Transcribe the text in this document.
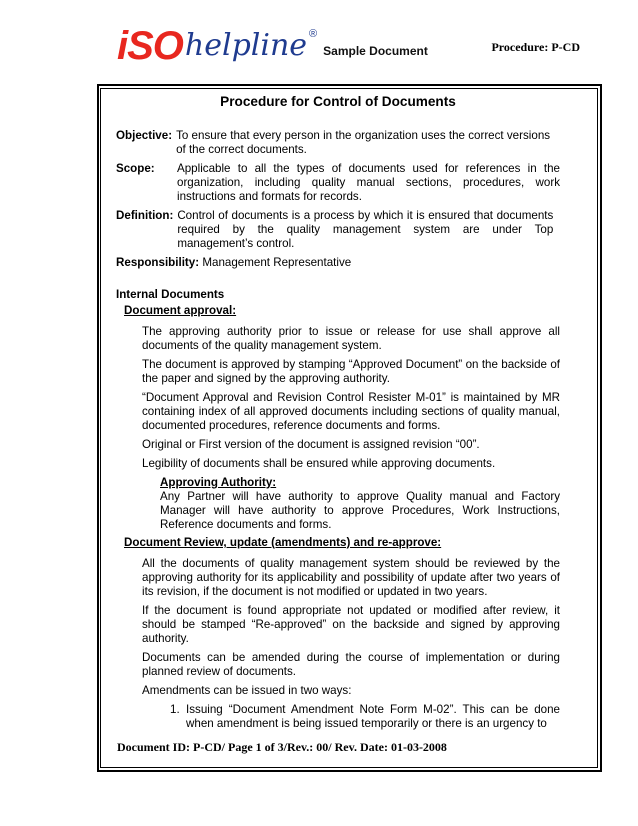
iSO helpline ®
Sample Document	Procedure: P-CD
Procedure for Control of Documents
Objective: To ensure that every person in the organization uses the correct versions of the correct documents.
Scope:	Applicable to all the types of documents used for references in the organization, including quality manual sections, procedures, work instructions and formats for records.
Definition: Control of documents is a process by which it is ensured that documents required by the quality management system are under Top management’s control.
Responsibility: Management Representative
Internal Documents
Document approval:
The approving authority prior to issue or release for use shall approve all documents of the quality management system.
The document is approved by stamping “Approved Document” on the backside of the paper and signed by the approving authority.
“Document Approval and Revision Control Resister M-01” is maintained by MR containing index of all approved documents including sections of quality manual, documented procedures, reference documents and forms.
Original or First version of the document is assigned revision “00”.
Legibility of documents shall be ensured while approving documents.
Approving Authority:
Any Partner will have authority to approve Quality manual and Factory Manager will have authority to approve Procedures, Work Instructions, Reference documents and forms.
Document Review, update (amendments) and re-approve:
All the documents of quality management system should be reviewed by the approving authority for its applicability and possibility of update after two years of its revision, if the document is not modified or updated in two years.
If the document is found appropriate not updated or modified after review, it should be stamped “Re-approved” on the backside and signed by approving authority.
Documents can be amended during the course of implementation or during planned review of documents.
Amendments can be issued in two ways:
1. Issuing “Document Amendment Note Form M-02”. This can be done when amendment is being issued temporarily or there is an urgency to
Document ID: P-CD/ Page 1 of 3/Rev.: 00/ Rev. Date: 01-03-2008
